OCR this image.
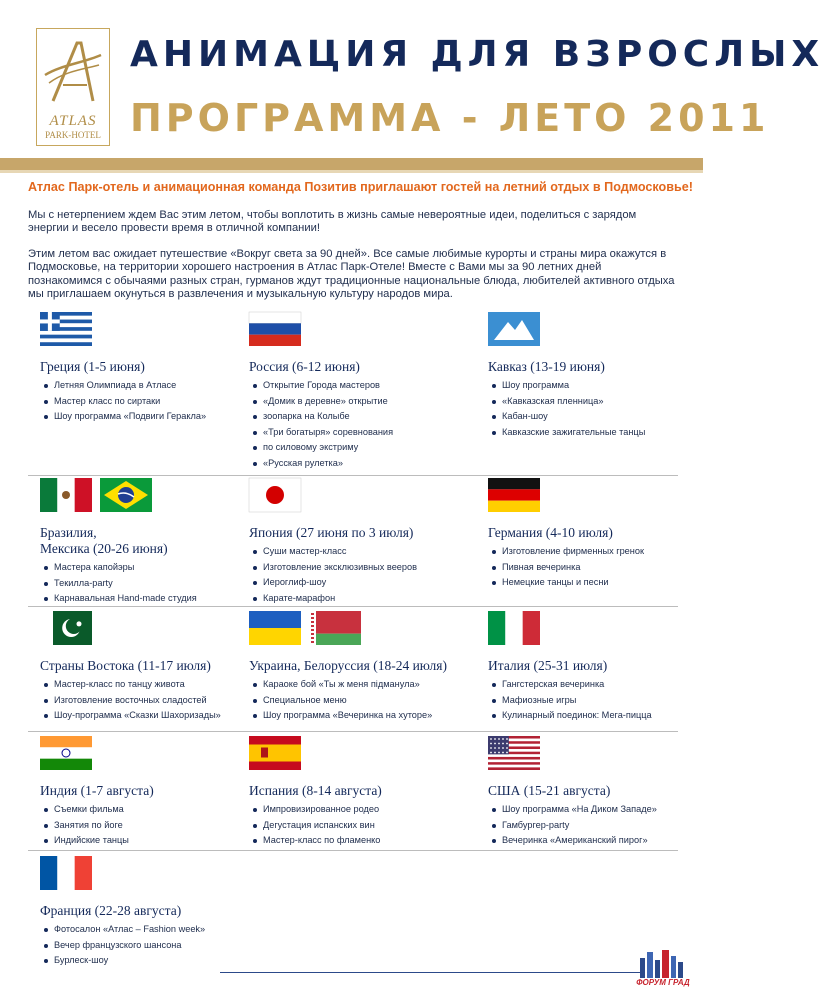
ATLAS
PARK-HOTEL
АНИМАЦИЯ ДЛЯ ВЗРОСЛЫХ
ПРОГРАММА - ЛЕТО 2011
Атлас Парк-отель и анимационная команда Позитив приглашают гостей на летний отдых в Подмосковье!
Мы с нетерпением ждем Вас этим летом, чтобы воплотить в жизнь самые невероятные идеи, поделиться с зарядом энергии и весело провести время в отличной компании!
Этим летом вас ожидает путешествие «Вокруг света за 90 дней». Все самые любимые курорты и страны мира окажутся в Подмосковье, на территории хорошего настроения в Атлас Парк-Отеле! Вместе с Вами мы за 90 летних дней познакомимся с обычаями разных стран, гурманов ждут традиционные национальные блюда, любителей активного отдыха мы приглашаем окунуться в развлечения и музыкальную культуру народов мира.
Греция (1-5 июня)
Летняя Олимпиада в Атласе
Мастер класс по сиртаки
Шоу программа «Подвиги Геракла»
Россия (6-12 июня)
Открытие Города мастеров
«Домик в деревне» открытие
зоопарка на Колыбе
«Три богатыря» соревнования
по силовому экстриму
«Русская рулетка»
Кавказ (13-19 июня)
Шоу программа
«Кавказская пленница»
Кабан-шоу
Кавказские зажигательные танцы
Бразилия,
Мексика (20-26 июня)
Мастера капойэры
Текилла-party
Карнавальная Hand-made студия
Япония (27 июня по 3 июля)
Суши мастер-класс
Изготовление эксклюзивных вееров
Иероглиф-шоу
Карате-марафон
Германия (4-10 июля)
Изготовление фирменных гренок
Пивная вечеринка
Немецкие танцы и песни
Страны Востока (11-17 июля)
Мастер-класс по танцу живота
Изготовление восточных сладостей
Шоу-программа «Сказки Шахоризады»
Украина, Белоруссия (18-24 июля)
Караоке бой «Ты ж меня пiдманула»
Специальное меню
Шоу программа «Вечеринка на хуторе»
Италия (25-31 июля)
Гангстерская вечеринка
Мафиозные игры
Кулинарный поединок: Мега-пицца
Индия (1-7 августа)
Съемки фильма
Занятия по йоге
Индийские танцы
Испания (8-14 августа)
Импровизированное родео
Дегустация испанских вин
Мастер-класс по фламенко
США (15-21 августа)
Шоу программа «На Диком Западе»
Гамбургер-party
Вечеринка «Американский пирог»
Франция (22-28 августа)
Фотосалон «Атлас – Fashion week»
Вечер французского шансона
Бурлеск-шоу
ФОРУМ ГРАД
